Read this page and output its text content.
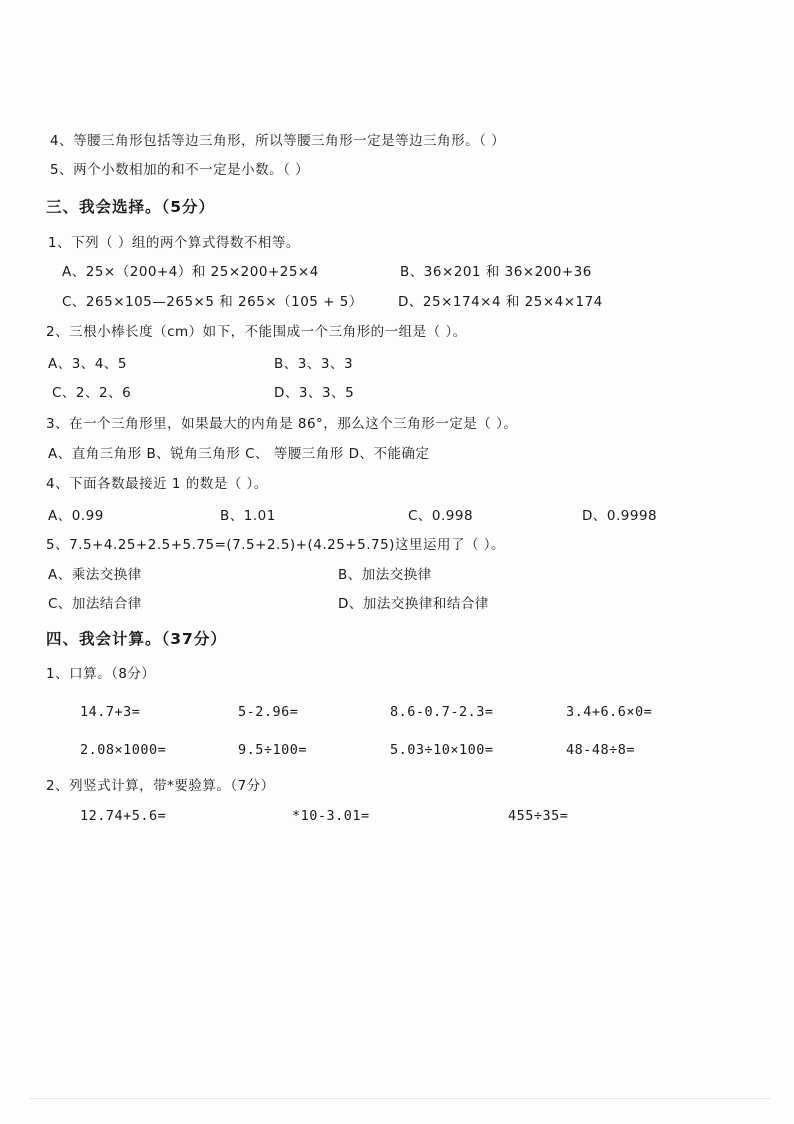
4、等腰三角形包括等边三角形，所以等腰三角形一定是等边三角形。（ ）
5、两个小数相加的和不一定是小数。（ ）
三、我会选择。（5分）
1、下列（ ）组的两个算式得数不相等。
A、25×（200+4）和 25×200+25×4	B、36×201 和 36×200+36
C、265×105—265×5 和 265×（105 + 5）	D、25×174×4 和 25×4×174
2、三根小棒长度（cm）如下，不能围成一个三角形的一组是（ ）。
A、3、4、5	B、3、3、3
C、2、2、6	D、3、3、5
3、在一个三角形里，如果最大的内角是 86°，那么这个三角形一定是（ ）。
A、直角三角形 B、锐角三角形 C、 等腰三角形 D、不能确定
4、下面各数最接近 1 的数是（ ）。
A、0.99	B、1.01	C、0.998	D、0.9998
5、7.5+4.25+2.5+5.75=(7.5+2.5)+(4.25+5.75)这里运用了（ ）。
A、乘法交换律	B、加法交换律
C、加法结合律	D、加法交换律和结合律
四、我会计算。（37分）
1、口算。（8分）
14.7+3=	5-2.96=	8.6-0.7-2.3=	3.4+6.6×0=
2.08×1000=	9.5÷100=	5.03÷10×100=	48-48÷8=
2、列竖式计算，带*要验算。（7分）
12.74+5.6=	*10-3.01=	455÷35=
